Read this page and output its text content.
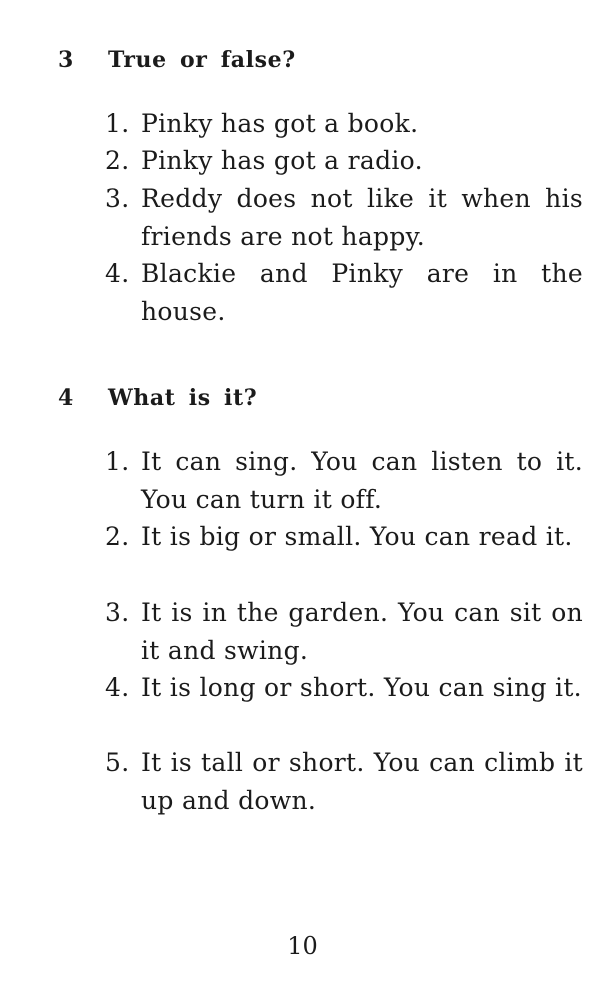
3 True or false?
1. Pinky has got a book.
2. Pinky has got a radio.
3. Reddy does not like it when his friends are not happy.
4. Blackie and Pinky are in the house.
4 What is it?
1. It can sing. You can listen to it. You can turn it off.
2. It is big or small. You can read it.
3. It is in the garden. You can sit on it and swing.
4. It is long or short. You can sing it.
5. It is tall or short. You can climb it up and down.
10
